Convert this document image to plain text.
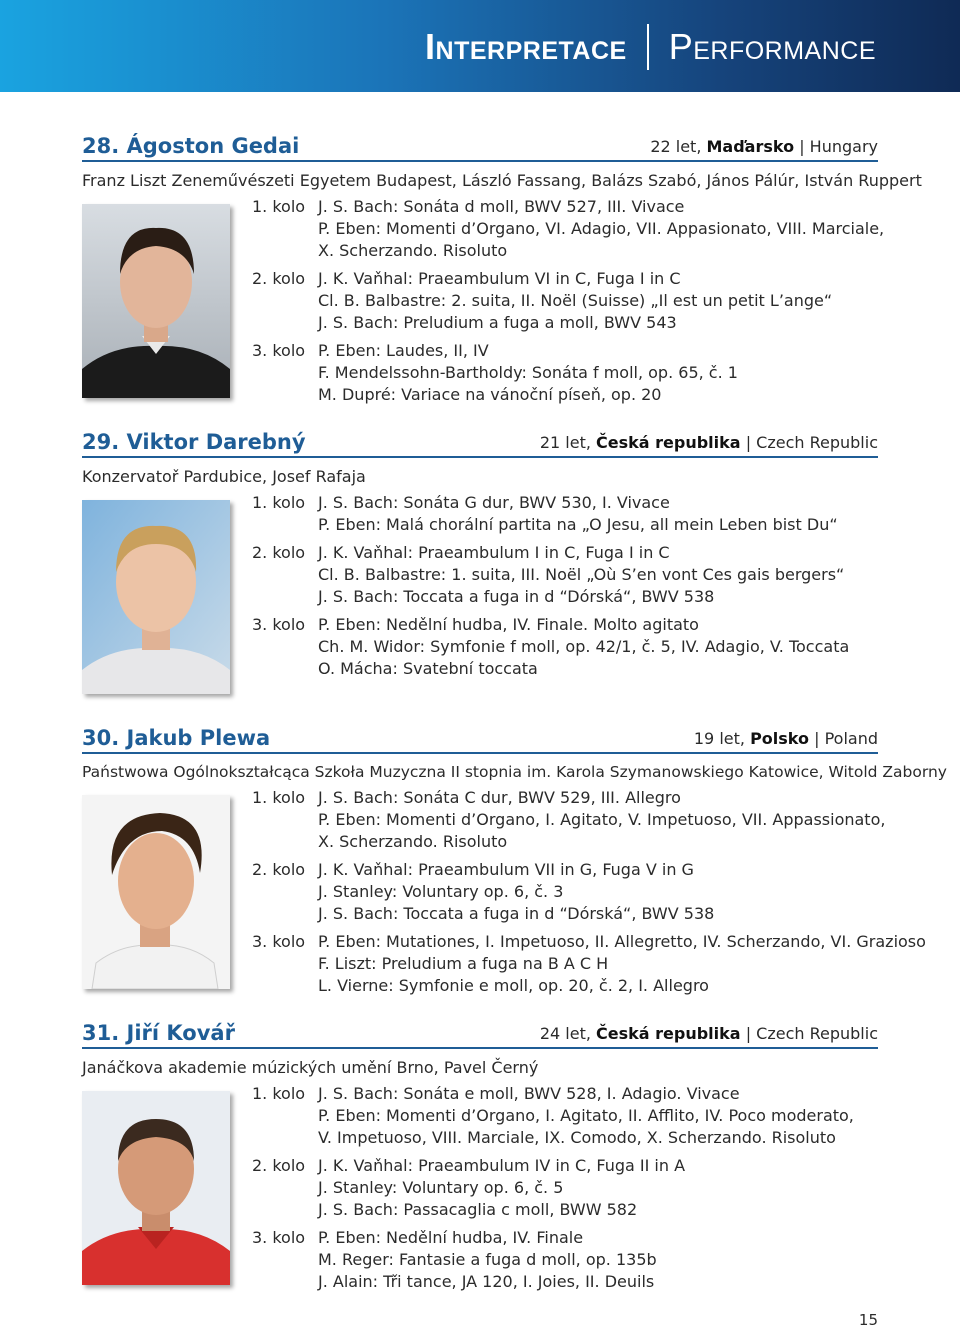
Interpretace Performance
28. Ágoston Gedai	22 let, Maďarsko | Hungary
Franz Liszt Zeneművészeti Egyetem Budapest, László Fassang, Balázs Szabó, János Pálúr, István Ruppert
1. kolo J. S. Bach: Sonáta d moll, BWV 527, III. Vivace
P. Eben: Momenti d’Organo, VI. Adagio, VII. Appasionato, VIII. Marciale,
X. Scherzando. Risoluto
2. kolo J. K. Vaňhal: Praeambulum VI in C, Fuga I in C
Cl. B. Balbastre: 2. suita, II. Noël (Suisse) „Il est un petit L’ange“
J. S. Bach: Preludium a fuga a moll, BWV 543
3. kolo P. Eben: Laudes, II, IV
F. Mendelssohn-Bartholdy: Sonáta f moll, op. 65, č. 1
M. Dupré: Variace na vánoční píseň, op. 20
29. Viktor Darebný	21 let, Česká republika | Czech Republic
Konzervatoř Pardubice, Josef Rafaja
1. kolo J. S. Bach: Sonáta G dur, BWV 530, I. Vivace
P. Eben: Malá chorální partita na „O Jesu, all mein Leben bist Du“
2. kolo J. K. Vaňhal: Praeambulum I in C, Fuga I in C
Cl. B. Balbastre: 1. suita, III. Noël „Où S’en vont Ces gais bergers“
J. S. Bach: Toccata a fuga in d “Dórská“, BWV 538
3. kolo P. Eben: Nedělní hudba, IV. Finale. Molto agitato
Ch. M. Widor: Symfonie f moll, op. 42/1, č. 5, IV. Adagio, V. Toccata
O. Mácha: Svatební toccata
30. Jakub Plewa	19 let, Polsko | Poland
Państwowa Ogólnokształcąca Szkoła Muzyczna II stopnia im. Karola Szymanowskiego Katowice, Witold Zaborny
1. kolo J. S. Bach: Sonáta C dur, BWV 529, III. Allegro
P. Eben: Momenti d’Organo, I. Agitato, V. Impetuoso, VII. Appassionato,
X. Scherzando. Risoluto
2. kolo J. K. Vaňhal: Praeambulum VII in G, Fuga V in G
J. Stanley: Voluntary op. 6, č. 3
J. S. Bach: Toccata a fuga in d “Dórská“, BWV 538
3. kolo P. Eben: Mutationes, I. Impetuoso, II. Allegretto, IV. Scherzando, VI. Grazioso
F. Liszt: Preludium a fuga na B A C H
L. Vierne: Symfonie e moll, op. 20, č. 2, I. Allegro
31. Jiří Kovář	24 let, Česká republika | Czech Republic
Janáčkova akademie múzických umění Brno, Pavel Černý
1. kolo J. S. Bach: Sonáta e moll, BWV 528, I. Adagio. Vivace
P. Eben: Momenti d’Organo, I. Agitato, II. Afflito, IV. Poco moderato,
V. Impetuoso, VIII. Marciale, IX. Comodo, X. Scherzando. Risoluto
2. kolo J. K. Vaňhal: Praeambulum IV in C, Fuga II in A
J. Stanley: Voluntary op. 6, č. 5
J. S. Bach: Passacaglia c moll, BWW 582
3. kolo P. Eben: Nedělní hudba, IV. Finale
M. Reger: Fantasie a fuga d moll, op. 135b
J. Alain: Tři tance, JA 120, I. Joies, II. Deuils
15
